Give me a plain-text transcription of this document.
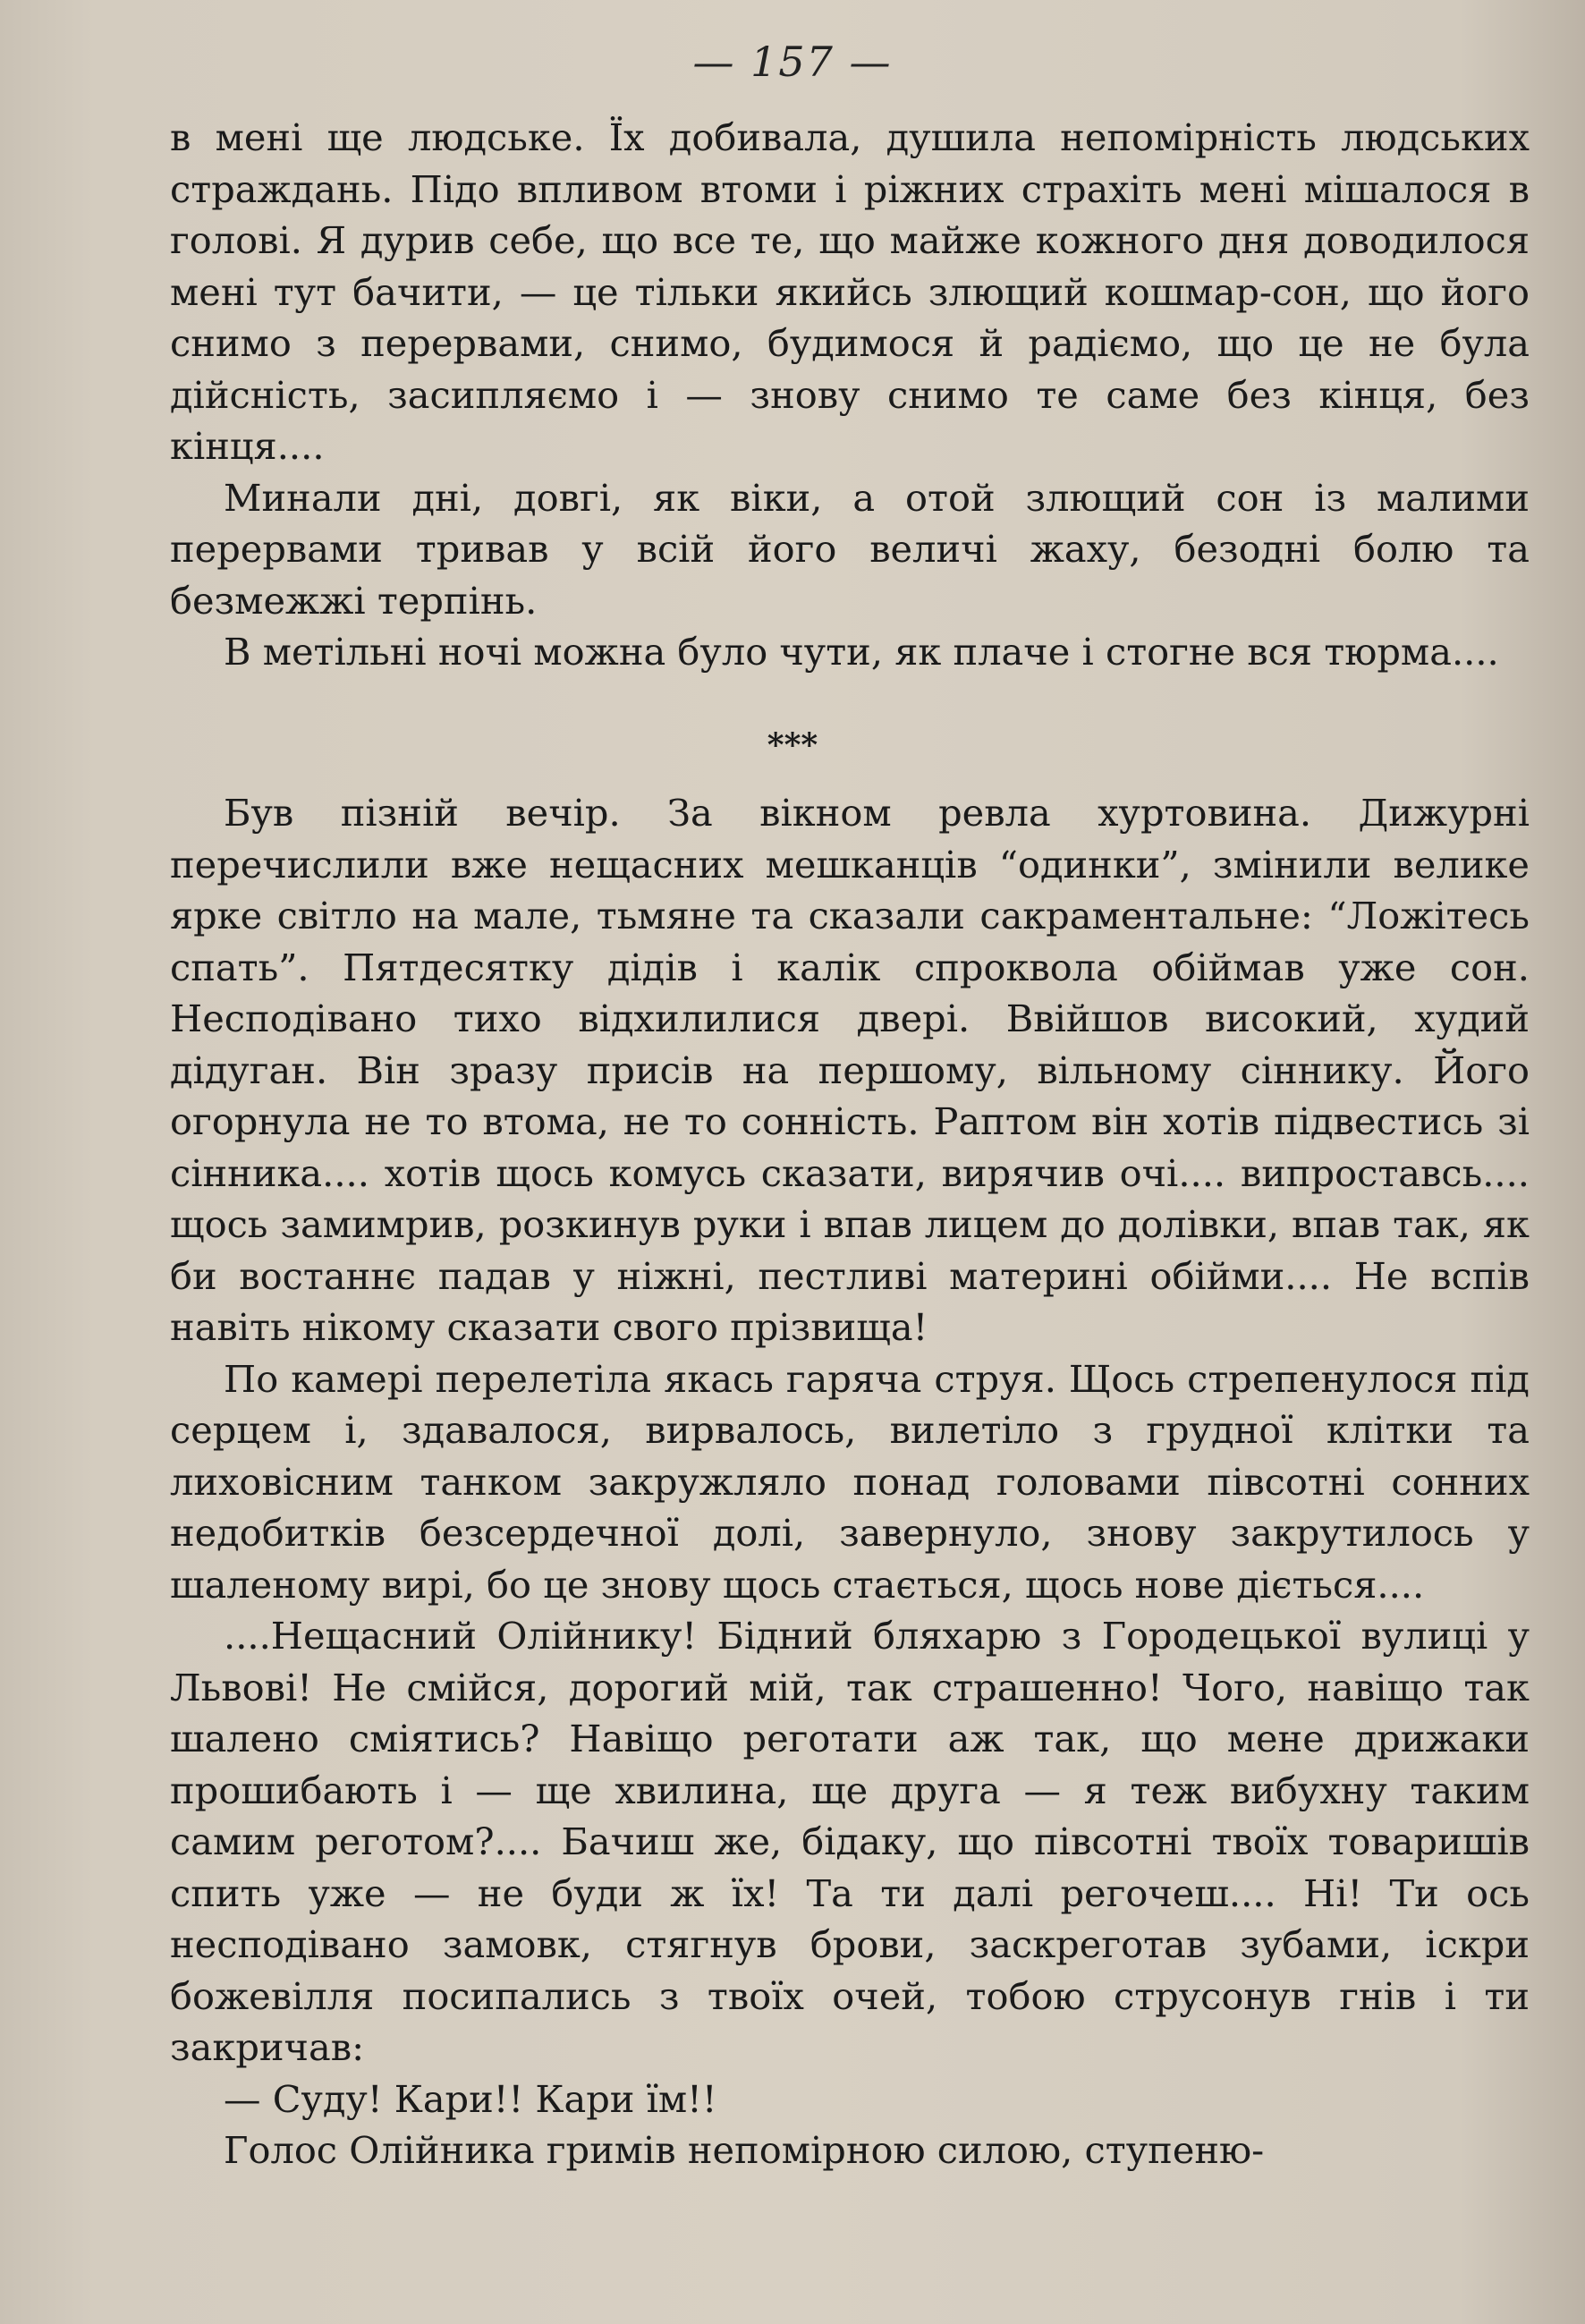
— 157 —

в мені ще людське. Їх добивала, душила непомірність людських страждань. Підо впливом втоми і ріжних страхіть мені мішалося в голові. Я дурив себе, що все те, що майже кожного дня доводилося мені тут бачити, — це тільки якийсь злющий кошмар-сон, що його снимо з перервами, снимо, будимося й радіємо, що це не була дійсність, засипляємо і — знову снимо те саме без кінця, без кінця....

Минали дні, довгі, як віки, а отой злющий сон із малими перервами тривав у всій його величі жаху, безодні болю та безмежжі терпінь.

В метільні ночі можна було чути, як плаче і стогне вся тюрма....

***

Був пізній вечір. За вікном ревла хуртовина. Дижурні перечислили вже нещасних мешканців “одинки”, змінили велике ярке світло на мале, тьмяне та сказали сакраментальне: “Ложітесь спать”. Пятдесятку дідів і калік спроквола обіймав уже сон. Несподівано тихо відхилилися двері. Ввійшов високий, худий дідуган. Він зразу присів на першому, вільному сіннику. Його огорнула не то втома, не то сонність. Раптом він хотів підвестись зі сінника.... хотів щось комусь сказати, вирячив очі.... випроставсь.... щось замимрив, розкинув руки і впав лицем до долівки, впав так, як би востаннє падав у ніжні, пестливі материні обійми.... Не вспів навіть нікому сказати свого прізвища!

По камері перелетіла якась гаряча струя. Щось стрепенулося під серцем і, здавалося, вирвалось, вилетіло з грудної клітки та лиховісним танком закружляло понад головами півсотні сонних недобитків безсердечної долі, завернуло, знову закрутилось у шаленому вирі, бо це знову щось стається, щось нове діється....

....Нещасний Олійнику! Бідний бляхарю з Городецької вулиці у Львові! Не смійся, дорогий мій, так страшенно! Чого, навіщо так шалено сміятись? Навіщо реготати аж так, що мене дрижаки прошибають і — ще хвилина, ще друга — я теж вибухну таким самим реготом?.... Бачиш же, бідаку, що півсотні твоїх товаришів спить уже — не буди ж їх! Та ти далі регочеш.... Ні! Ти ось несподівано замовк, стягнув брови, заскреготав зубами, іскри божевілля посипались з твоїх очей, тобою струсонув гнів і ти закричав:

— Суду! Кари!! Кари їм!!

Голос Олійника гримів непомірною силою, ступеню-
